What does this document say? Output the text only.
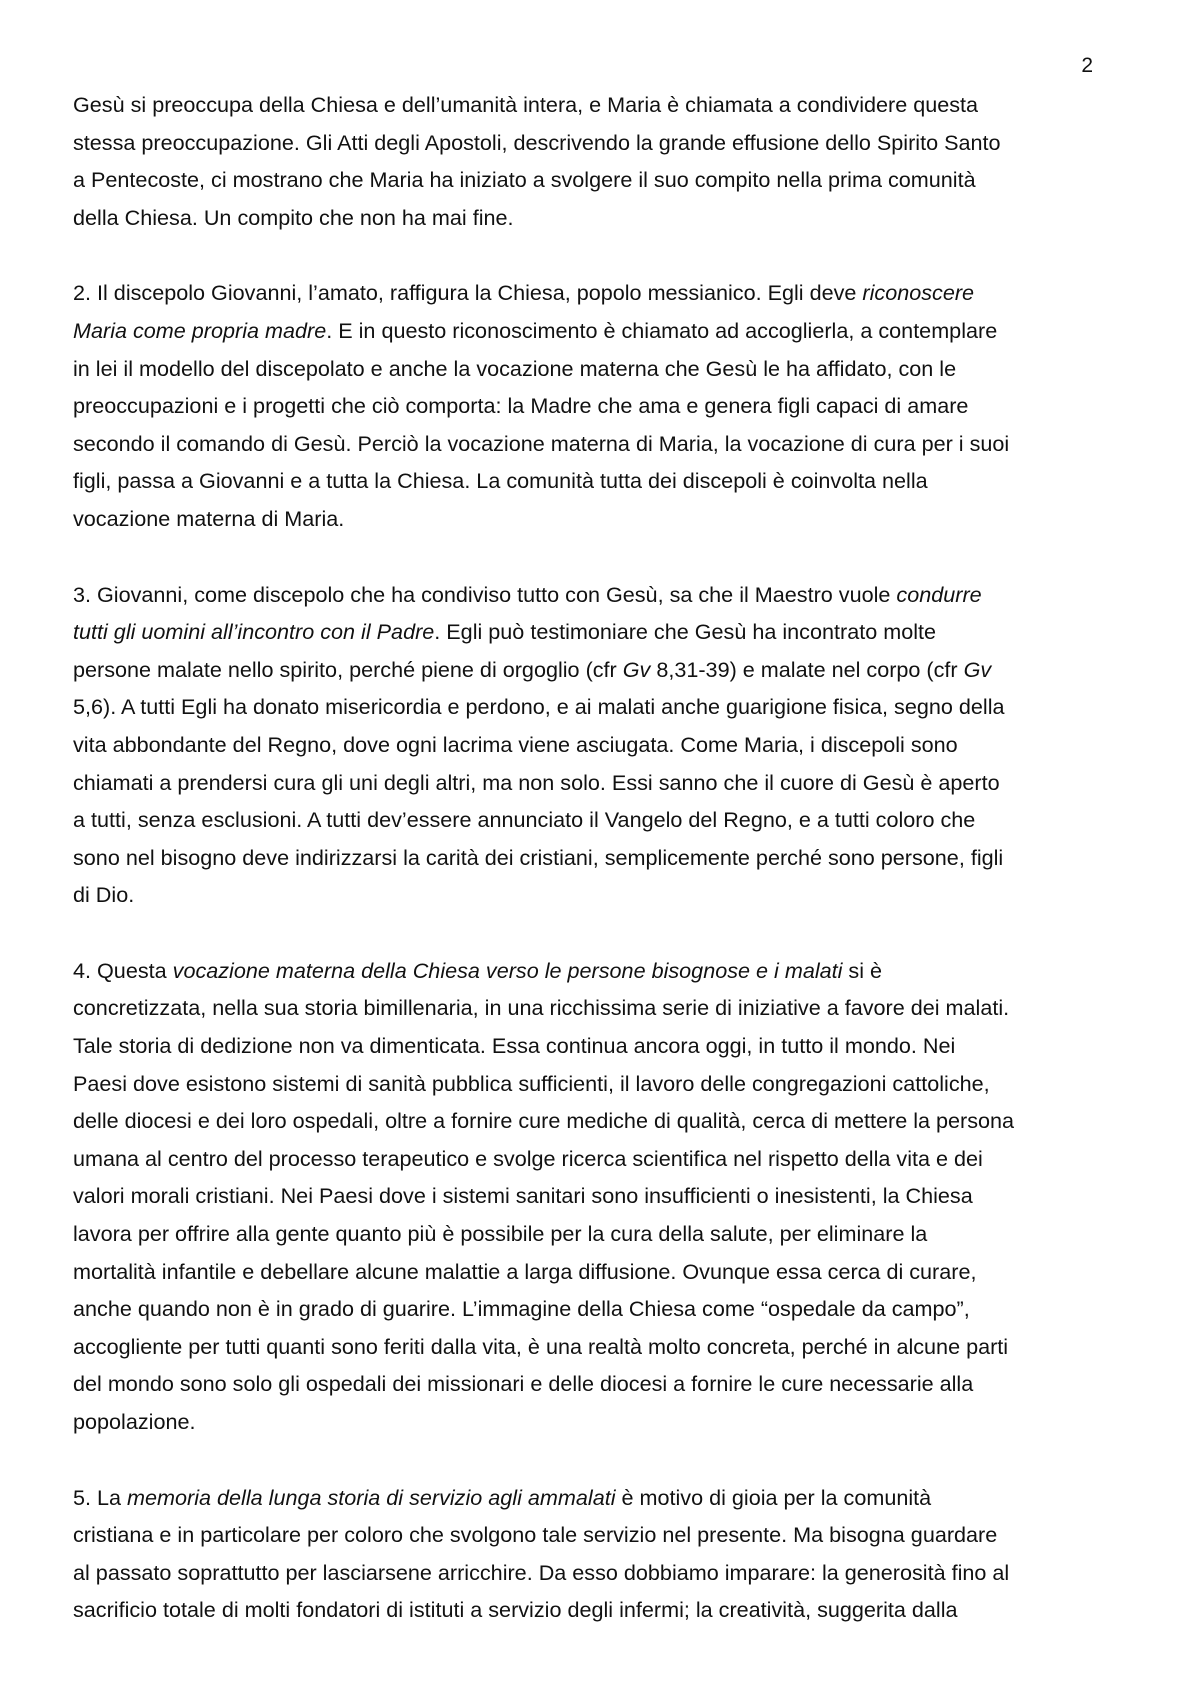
2

Gesù si preoccupa della Chiesa e dell’umanità intera, e Maria è chiamata a condividere questa
stessa preoccupazione. Gli Atti degli Apostoli, descrivendo la grande effusione dello Spirito Santo
a Pentecoste, ci mostrano che Maria ha iniziato a svolgere il suo compito nella prima comunità
della Chiesa. Un compito che non ha mai fine.

2. Il discepolo Giovanni, l’amato, raffigura la Chiesa, popolo messianico. Egli deve riconoscere
Maria come propria madre. E in questo riconoscimento è chiamato ad accoglierla, a contemplare
in lei il modello del discepolato e anche la vocazione materna che Gesù le ha affidato, con le
preoccupazioni e i progetti che ciò comporta: la Madre che ama e genera figli capaci di amare
secondo il comando di Gesù. Perciò la vocazione materna di Maria, la vocazione di cura per i suoi
figli, passa a Giovanni e a tutta la Chiesa. La comunità tutta dei discepoli è coinvolta nella
vocazione materna di Maria.

3. Giovanni, come discepolo che ha condiviso tutto con Gesù, sa che il Maestro vuole condurre
tutti gli uomini all’incontro con il Padre. Egli può testimoniare che Gesù ha incontrato molte
persone malate nello spirito, perché piene di orgoglio (cfr Gv 8,31-39) e malate nel corpo (cfr Gv
5,6). A tutti Egli ha donato misericordia e perdono, e ai malati anche guarigione fisica, segno della
vita abbondante del Regno, dove ogni lacrima viene asciugata. Come Maria, i discepoli sono
chiamati a prendersi cura gli uni degli altri, ma non solo. Essi sanno che il cuore di Gesù è aperto
a tutti, senza esclusioni. A tutti dev’essere annunciato il Vangelo del Regno, e a tutti coloro che
sono nel bisogno deve indirizzarsi la carità dei cristiani, semplicemente perché sono persone, figli
di Dio.

4. Questa vocazione materna della Chiesa verso le persone bisognose e i malati si è
concretizzata, nella sua storia bimillenaria, in una ricchissima serie di iniziative a favore dei malati.
Tale storia di dedizione non va dimenticata. Essa continua ancora oggi, in tutto il mondo. Nei
Paesi dove esistono sistemi di sanità pubblica sufficienti, il lavoro delle congregazioni cattoliche,
delle diocesi e dei loro ospedali, oltre a fornire cure mediche di qualità, cerca di mettere la persona
umana al centro del processo terapeutico e svolge ricerca scientifica nel rispetto della vita e dei
valori morali cristiani. Nei Paesi dove i sistemi sanitari sono insufficienti o inesistenti, la Chiesa
lavora per offrire alla gente quanto più è possibile per la cura della salute, per eliminare la
mortalità infantile e debellare alcune malattie a larga diffusione. Ovunque essa cerca di curare,
anche quando non è in grado di guarire. L’immagine della Chiesa come “ospedale da campo”,
accogliente per tutti quanti sono feriti dalla vita, è una realtà molto concreta, perché in alcune parti
del mondo sono solo gli ospedali dei missionari e delle diocesi a fornire le cure necessarie alla
popolazione.

5. La memoria della lunga storia di servizio agli ammalati è motivo di gioia per la comunità
cristiana e in particolare per coloro che svolgono tale servizio nel presente. Ma bisogna guardare
al passato soprattutto per lasciarsene arricchire. Da esso dobbiamo imparare: la generosità fino al
sacrificio totale di molti fondatori di istituti a servizio degli infermi; la creatività, suggerita dalla
